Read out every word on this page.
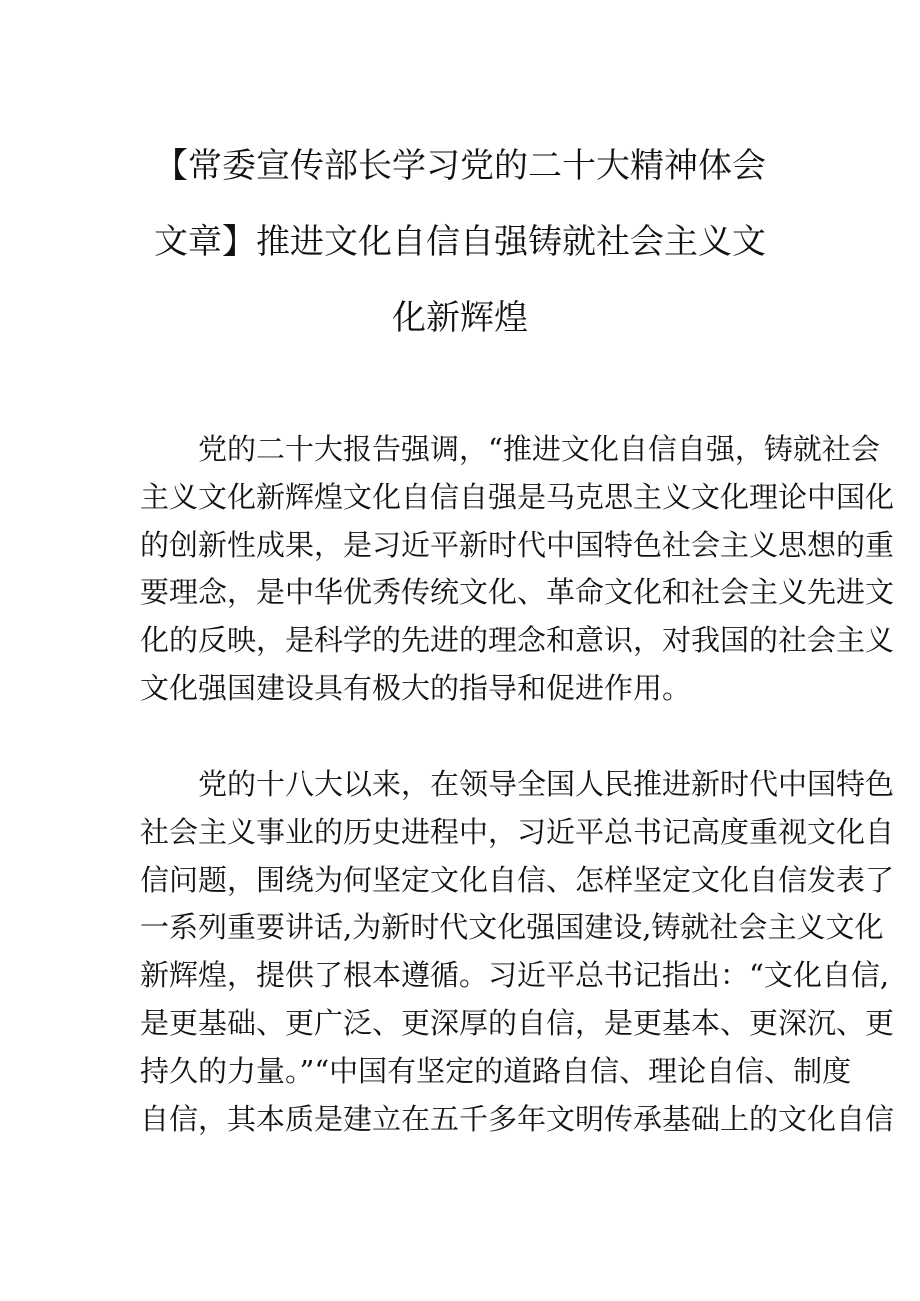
【常委宣传部长学习党的二十大精神体会
文章】推进文化自信自强铸就社会主义文
化新辉煌
党的二十大报告强调，“推进文化自信自强，铸就社会
主义文化新辉煌文化自信自强是马克思主义文化理论中国化
的创新性成果，是习近平新时代中国特色社会主义思想的重
要理念，是中华优秀传统文化、革命文化和社会主义先进文
化的反映，是科学的先进的理念和意识，对我国的社会主义
文化强国建设具有极大的指导和促进作用。
党的十八大以来，在领导全国人民推进新时代中国特色
社会主义事业的历史进程中，习近平总书记高度重视文化自
信问题，围绕为何坚定文化自信、怎样坚定文化自信发表了
一系列重要讲话,为新时代文化强国建设,铸就社会主义文化
新辉煌，提供了根本遵循。习近平总书记指出：“文化自信,
是更基础、更广泛、更深厚的自信，是更基本、更深沉、更
持久的力量。”“中国有坚定的道路自信、理论自信、制度
自信，其本质是建立在五千多年文明传承基础上的文化自信
